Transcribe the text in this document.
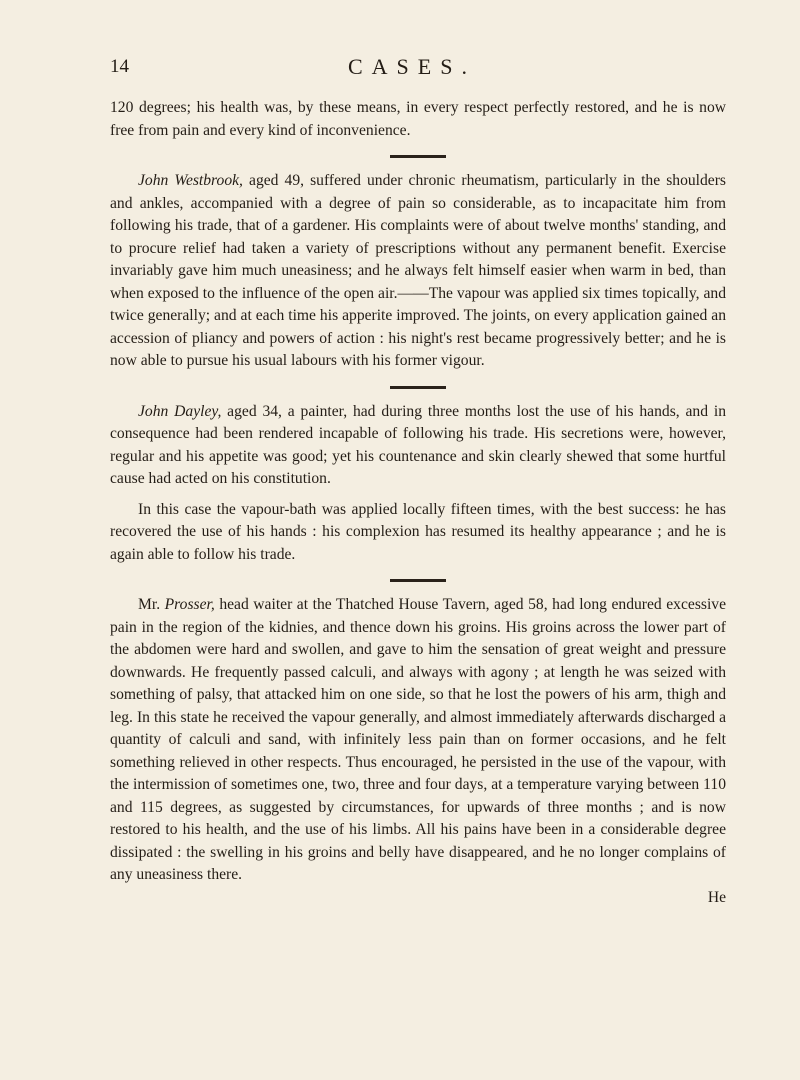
14	CASES.

120 degrees; his health was, by these means, in every respect perfectly restored, and he is now free from pain and every kind of inconvenience.

John Westbrook, aged 49, suffered under chronic rheumatism, particularly in the shoulders and ankles, accompanied with a degree of pain so considerable, as to incapacitate him from following his trade, that of a gardener. His complaints were of about twelve months' standing, and to procure relief had taken a variety of prescriptions without any permanent benefit. Exercise invariably gave him much uneasiness; and he always felt himself easier when warm in bed, than when exposed to the influence of the open air.——The vapour was applied six times topically, and twice generally; and at each time his apperite improved. The joints, on every application gained an accession of pliancy and powers of action : his night's rest became progressively better; and he is now able to pursue his usual labours with his former vigour.

John Dayley, aged 34, a painter, had during three months lost the use of his hands, and in consequence had been rendered incapable of following his trade. His secretions were, however, regular and his appetite was good; yet his countenance and skin clearly shewed that some hurtful cause had acted on his constitution.

In this case the vapour-bath was applied locally fifteen times, with the best success: he has recovered the use of his hands : his complexion has resumed its healthy appearance ; and he is again able to follow his trade.

Mr. Prosser, head waiter at the Thatched House Tavern, aged 58, had long endured excessive pain in the region of the kidnies, and thence down his groins. His groins across the lower part of the abdomen were hard and swollen, and gave to him the sensation of great weight and pressure downwards. He frequently passed calculi, and always with agony ; at length he was seized with something of palsy, that attacked him on one side, so that he lost the powers of his arm, thigh and leg. In this state he received the vapour generally, and almost immediately afterwards discharged a quantity of calculi and sand, with infinitely less pain than on former occasions, and he felt something relieved in other respects. Thus encouraged, he persisted in the use of the vapour, with the intermission of sometimes one, two, three and four days, at a temperature varying between 110 and 115 degrees, as suggested by circumstances, for upwards of three months ; and is now restored to his health, and the use of his limbs. All his pains have been in a considerable degree dissipated : the swelling in his groins and belly have disappeared, and he no longer complains of any uneasiness there.

He
